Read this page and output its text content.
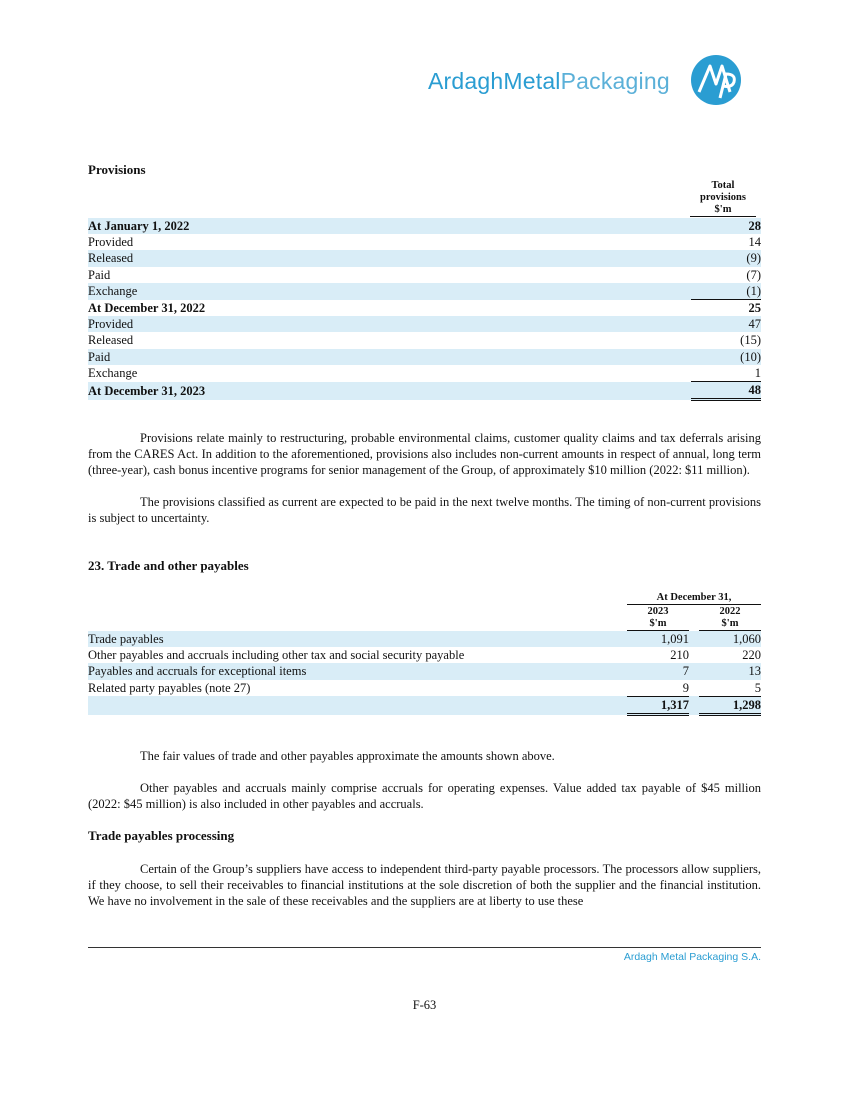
ArdaghMetalPackaging
Provisions
Total
provisions
$'m
At January 1, 2022	28
Provided	14
Released	(9)
Paid	(7)
Exchange	(1)
At December 31, 2022	25
Provided	47
Released	(15)
Paid	(10)
Exchange	1
At December 31, 2023	48
Provisions relate mainly to restructuring, probable environmental claims, customer quality claims and tax deferrals arising from the CARES Act. In addition to the aforementioned, provisions also includes non-current amounts in respect of annual, long term (three-year), cash bonus incentive programs for senior management of the Group, of approximately $10 million (2022: $11 million).
The provisions classified as current are expected to be paid in the next twelve months. The timing of non-current provisions is subject to uncertainty.
23. Trade and other payables
At December 31,
2023
$'m
2022
$'m
Trade payables	1,091		1,060
Other payables and accruals including other tax and social security payable	210		220
Payables and accruals for exceptional items	7		13
Related party payables (note 27)	9		5
	1,317		1,298
The fair values of trade and other payables approximate the amounts shown above.
Other payables and accruals mainly comprise accruals for operating expenses. Value added tax payable of $45 million (2022: $45 million) is also included in other payables and accruals.
Trade payables processing
Certain of the Group’s suppliers have access to independent third-party payable processors. The processors allow suppliers, if they choose, to sell their receivables to financial institutions at the sole discretion of both the supplier and the financial institution. We have no involvement in the sale of these receivables and the suppliers are at liberty to use these
Ardagh Metal Packaging S.A.
F-63
